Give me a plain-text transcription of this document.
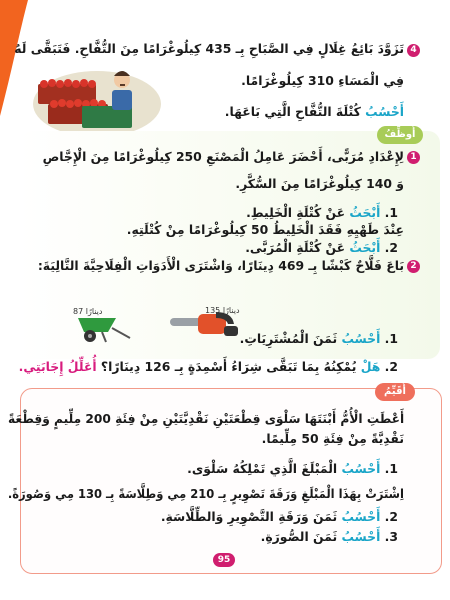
4
تَزَوَّدَ بَائِعُ غِلَالٍ فِي الصَّبَاحِ بِـ 435 كِيلُوغْرَامًا مِنَ التُّفَّاحِ. فَتَبَقَّى لَهُ
فِي الْمَسَاءِ 310 كِيلُوغْرَامًا.
أَحْسُبُ كُتْلَةَ التُّفَّاحِ الَّتِي بَاعَهَا.
أُوظِّفُ
1
لِإِعْدَادِ مُرَبًّى، أَحْضَرَ عَامِلُ الْمَصْنَعِ 250 كِيلُوغْرَامًا مِنَ الْإِجَّاصِ
وَ 140 كِيلُوغْرَامًا مِنَ السُّكَّرِ.
1. أَبْحَثُ عَنْ كُتْلَةِ الْخَلِيطِ.
عِنْدَ طَهْيِهِ فَقَدَ الْخَلِيطُ 50 كِيلُوغْرَامًا مِنْ كُتْلَتِهِ.
2. أَبْحَثُ عَنْ كُتْلَةِ الْمُرَبَّى.
2
بَاعَ فَلَّاحٌ كَبْشًا بِـ 469 دِينَارًا، وَاشْتَرَى الْأَدَوَاتِ الْفِلَاحِيَّةَ التَّالِيَةَ:
135 دينارًا
87 دينارًا
1. أَحْسُبُ ثَمَنَ الْمُشْتَرِيَاتِ.
2. هَلْ يُمْكِنُهُ بِمَا تَبَقَّى شِرَاءُ أَسْمِدَةٍ بِـ 126 دِينَارًا؟ أُعَلِّلُ إِجَابَتِي.
أُقَيِّمُ
أَعْطَتِ الْأُمُّ أَبْنَتَهَا سَلْوَى قِطْعَتَيْنِ نَقْدِيَّتَيْنِ مِنْ فِئَةِ 200 مِلِّيمٍ وَقِطْعَةً
نَقْدِيَّةً مِنْ فِئَةِ 50 مِلِّيمًا.
1. أَحْسُبُ الْمَبْلَغَ الَّذِي تَمْلِكُهُ سَلْوَى.
اِشْتَرَتْ بِهَذَا الْمَبْلَغِ وَرَقَةَ تَصْوِيرٍ بِـ 210 مِي وَطِلَّاسَةً بِـ 130 مِي وَصُورَةً.
2. أَحْسُبُ ثَمَنَ وَرَقَةِ التَّصْوِيرِ وَالطِّلَّاسَةِ.
3. أَحْسُبُ ثَمَنَ الصُّورَةِ.
95
